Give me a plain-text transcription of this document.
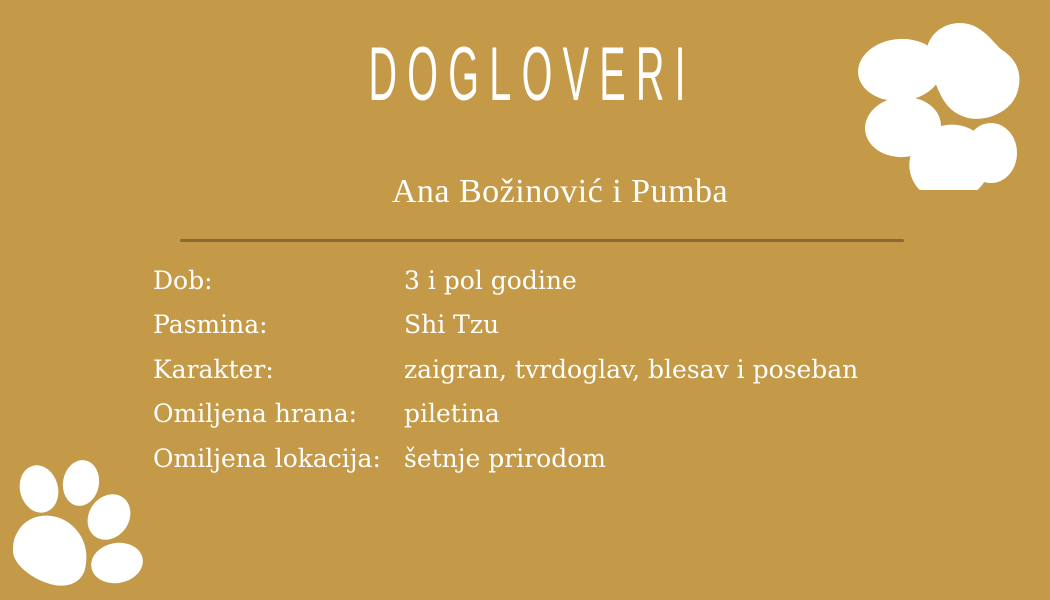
DOGLOVERI
Ana Božinović i Pumba
Dob:	3 i pol godine
Pasmina:	Shi Tzu
Karakter:	zaigran, tvrdoglav, blesav i poseban
Omiljena hrana:	piletina
Omiljena lokacija: šetnje prirodom
